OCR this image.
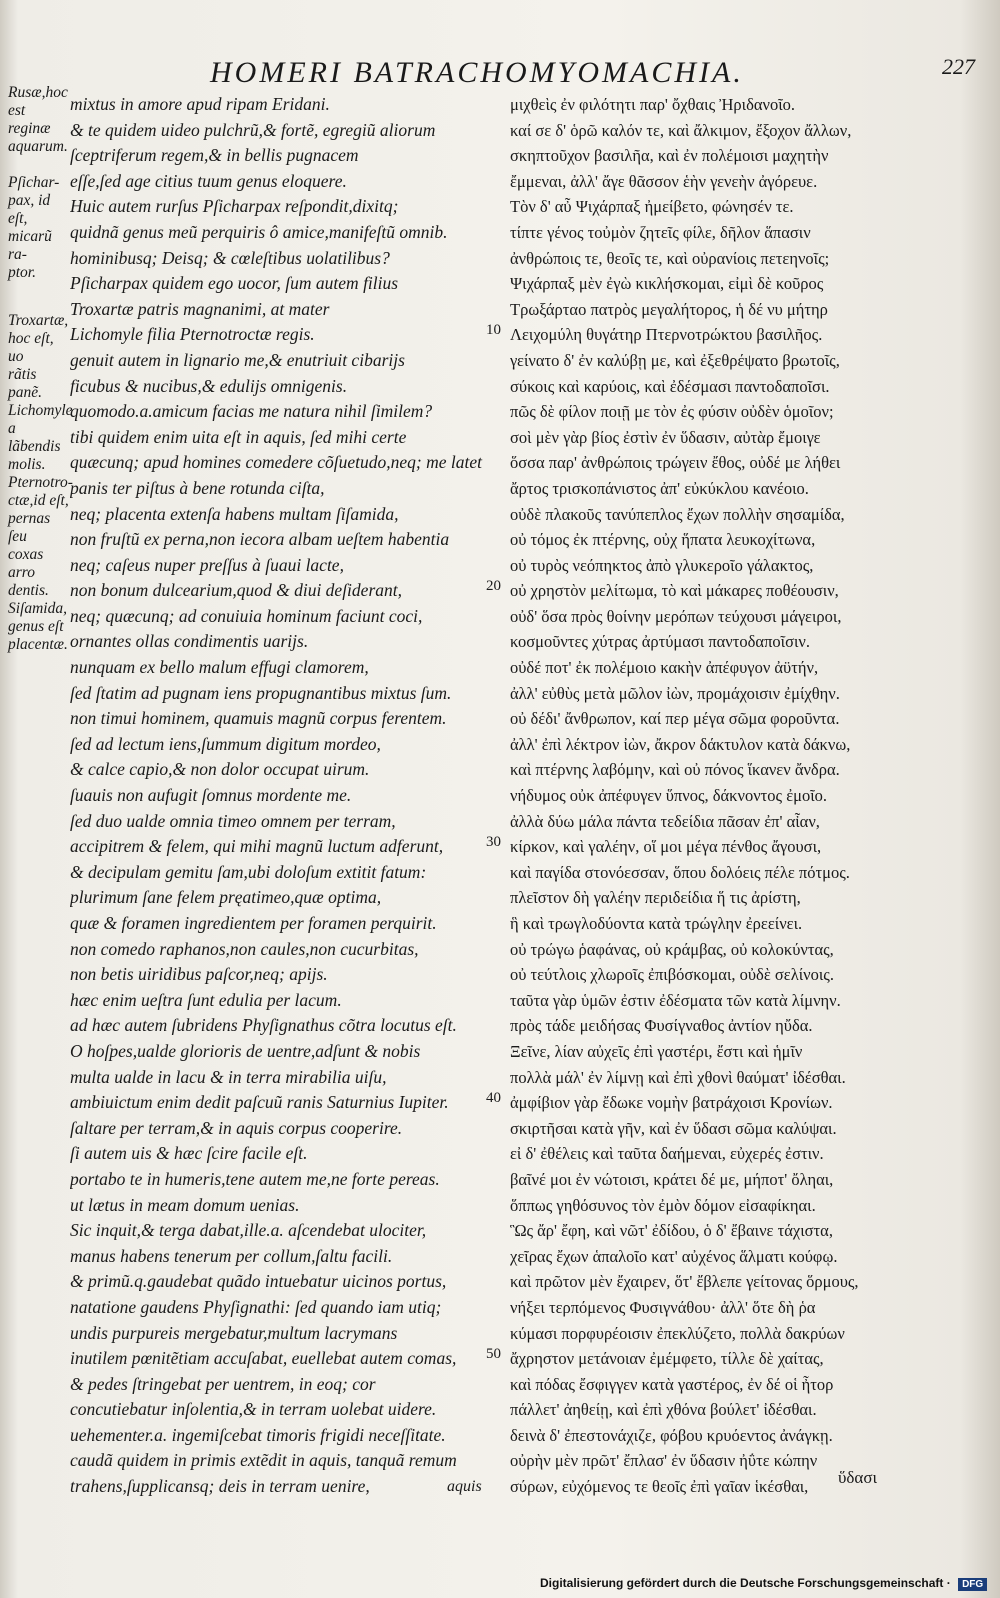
HOMERI BATRACHOMYOMACHIA.	227
Rusæ,hoc
est reginæ
aquarum.
Pſichar-
pax, id eſt,
micarũ ra-
ptor.
Troxartæ,
hoc eſt, uo
rãtis panẽ.
Lichomyle
a lãbendis
molis.
Pternotro-
ctæ,id eſt,
pernas ſeu
coxas arro
dentis.
Siſamida,
genus eſt
placentæ.
mixtus in amore apud ripam Eridani.
& te quidem uideo pulchrũ,& fortẽ, egregiũ aliorum
ſceptriferum regem,& in bellis pugnacem
eſſe,ſed age citius tuum genus eloquere.
Huic autem rurſus Pſicharpax reſpondit,dixitq;
quidnã genus meũ perquiris ô amice,manifeſtũ omnib.
hominibusq; Deisq; & cœleſtibus uolatilibus?
Pſicharpax quidem ego uocor, ſum autem filius
Troxartæ patris magnanimi, at mater
Lichomyle filia Pternotroctæ regis.
genuit autem in lignario me,& enutriuit cibarijs
ficubus & nucibus,& edulijs omnigenis.
quomodo.a.amicum facias me natura nihil ſimilem?
tibi quidem enim uita eſt in aquis, ſed mihi certe
quæcunq; apud homines comedere cõſuetudo,neq; me latet
panis ter piſtus à bene rotunda ciſta,
neq; placenta extenſa habens multam ſiſamida,
non fruſtũ ex perna,non iecora albam ueſtem habentia
neq; caſeus nuper preſſus à ſuaui lacte,
non bonum dulcearium,quod & diui deſiderant,
neq; quæcunq; ad conuiuia hominum faciunt coci,
ornantes ollas condimentis uarijs.
nunquam ex bello malum effugi clamorem,
ſed ſtatim ad pugnam iens propugnantibus mixtus ſum.
non timui hominem, quamuis magnũ corpus ferentem.
ſed ad lectum iens,ſummum digitum mordeo,
& calce capio,& non dolor occupat uirum.
ſuauis non aufugit ſomnus mordente me.
ſed duo ualde omnia timeo omnem per terram,
accipitrem & felem, qui mihi magnũ luctum adferunt,
& decipulam gemitu ſam,ubi doloſum extitit fatum:
plurimum ſane felem pręatimeo,quæ optima,
quæ & foramen ingredientem per foramen perquirit.
non comedo raphanos,non caules,non cucurbitas,
non betis uiridibus paſcor,neq; apijs.
hæc enim ueſtra ſunt edulia per lacum.
ad hæc autem ſubridens Phyſignathus cõtra locutus eſt.
O hoſpes,ualde glorioris de uentre,adſunt & nobis
multa ualde in lacu & in terra mirabilia uiſu,
ambiuictum enim dedit paſcuũ ranis Saturnius Iupiter.
ſaltare per terram,& in aquis corpus cooperire.
ſi autem uis & hæc ſcire facile eſt.
portabo te in humeris,tene autem me,ne forte pereas.
ut lætus in meam domum uenias.
Sic inquit,& terga dabat,ille.a. aſcendebat ulociter,
manus habens tenerum per collum,ſaltu facili.
& primũ.q.gaudebat quãdo intuebatur uicinos portus,
natatione gaudens Phyſignathi: ſed quando iam utiq;
undis purpureis mergebatur,multum lacrymans
inutilem pœnitẽtiam accuſabat, euellebat autem comas,
& pedes ſtringebat per uentrem, in eoq; cor
concutiebatur inſolentia,& in terram uolebat uidere.
uehementer.a. ingemiſcebat timoris frigidi neceſſitate.
caudã quidem in primis extẽdit in aquis, tanquã remum
trahens,ſupplicansq; deis in terram uenire,
μιχθεὶς ἐν φιλότητι παρ' ὄχθαις Ἠριδανοῖο.
καί σε δ' ὁρῶ καλόν τε, καὶ ἄλκιμον, ἔξοχον ἄλλων,
σκηπτοῦχον βασιλῆα, καὶ ἐν πολέμοισι μαχητὴν
ἔμμεναι, ἀλλ' ἄγε θᾶσσον ἑὴν γενεὴν ἀγόρευε.
Τὸν δ' αὖ Ψιχάρπαξ ἠμείβετο, φώνησέν τε.
τίπτε γένος τοὐμὸν ζητεῖς φίλε, δῆλον ἅπασιν
ἀνθρώποις τε, θεοῖς τε, καὶ οὐρανίοις πετεηνοῖς;
Ψιχάρπαξ μὲν ἐγὼ κικλήσκομαι, εἰμὶ δὲ κοῦρος
Τρωξάρταο πατρὸς μεγαλήτορος, ἡ δέ νυ μήτηρ
Λειχομύλη θυγάτηρ Πτερνοτρώκτου βασιλῆος.
γείνατο δ' ἐν καλύβῃ με, καὶ ἐξεθρέψατο βρωτοῖς,
σύκοις καὶ καρύοις, καὶ ἐδέσμασι παντοδαποῖσι.
πῶς δὲ φίλον ποιῇ με τὸν ἐς φύσιν οὐδὲν ὁμοῖον;
σοὶ μὲν γὰρ βίος ἐστὶν ἐν ὕδασιν, αὐτὰρ ἔμοιγε
ὅσσα παρ' ἀνθρώποις τρώγειν ἔθος, οὐδέ με λήθει
ἄρτος τρισκοπάνιστος ἀπ' εὐκύκλου κανέοιο.
οὐδὲ πλακοῦς τανύπεπλος ἔχων πολλὴν σησαμίδα,
οὐ τόμος ἐκ πτέρνης, οὐχ ἥπατα λευκοχίτωνα,
οὐ τυρὸς νεόπηκτος ἀπὸ γλυκεροῖο γάλακτος,
οὐ χρηστὸν μελίτωμα, τὸ καὶ μάκαρες ποθέουσιν,
οὐδ' ὅσα πρὸς θοίνην μερόπων τεύχουσι μάγειροι,
κοσμοῦντες χύτρας ἀρτύμασι παντοδαποῖσιν.
οὐδέ ποτ' ἐκ πολέμοιο κακὴν ἀπέφυγον ἀϋτήν,
ἀλλ' εὐθὺς μετὰ μῶλον ἰὼν, προμάχοισιν ἐμίχθην.
οὐ δέδι' ἄνθρωπον, καί περ μέγα σῶμα φοροῦντα.
ἀλλ' ἐπὶ λέκτρον ἰὼν, ἄκρον δάκτυλον κατὰ δάκνω,
καὶ πτέρνης λαβόμην, καὶ οὐ πόνος ἵκανεν ἄνδρα.
νήδυμος οὐκ ἀπέφυγεν ὕπνος, δάκνοντος ἐμοῖο.
ἀλλὰ δύω μάλα πάντα τεδείδια πᾶσαν ἐπ' αἶαν,
κίρκον, καὶ γαλέην, οἵ μοι μέγα πένθος ἄγουσι,
καὶ παγίδα στονόεσσαν, ὅπου δολόεις πέλε πότμος.
πλεῖστον δὴ γαλέην περιδείδια ἥ τις ἀρίστη,
ἣ καὶ τρωγλοδύοντα κατὰ τρώγλην ἐρεείνει.
οὐ τρώγω ῥαφάνας, οὐ κράμβας, οὐ κολοκύντας,
οὐ τεύτλοις χλωροῖς ἐπιβόσκομαι, οὐδὲ σελίνοις.
ταῦτα γὰρ ὑμῶν ἐστιν ἐδέσματα τῶν κατὰ λίμνην.
πρὸς τάδε μειδήσας Φυσίγναθος ἀντίον ηὔδα.
Ξεῖνε, λίαν αὐχεῖς ἐπὶ γαστέρι, ἔστι καὶ ἡμῖν
πολλὰ μάλ' ἐν λίμνῃ καὶ ἐπὶ χθονὶ θαύματ' ἰδέσθαι.
ἀμφίβιον γὰρ ἔδωκε νομὴν βατράχοισι Κρονίων.
σκιρτῆσαι κατὰ γῆν, καὶ ἐν ὕδασι σῶμα καλύψαι.
εἰ δ' ἐθέλεις καὶ ταῦτα δαήμεναι, εὐχερές ἐστιν.
βαῖνέ μοι ἐν νώτοισι, κράτει δέ με, μήποτ' ὄληαι,
ὅππως γηθόσυνος τὸν ἐμὸν δόμον εἰσαφίκηαι.
Ὣς ἄρ' ἔφη, καὶ νῶτ' ἐδίδου, ὁ δ' ἔβαινε τάχιστα,
χεῖρας ἔχων ἁπαλοῖο κατ' αὐχένος ἅλματι κούφῳ.
καὶ πρῶτον μὲν ἔχαιρεν, ὅτ' ἔβλεπε γείτονας ὅρμους,
νήξει τερπόμενος Φυσιγνάθου· ἀλλ' ὅτε δὴ ῥα
κύμασι πορφυρέοισιν ἐπεκλύζετο, πολλὰ δακρύων
ἄχρηστον μετάνοιαν ἐμέμφετο, τίλλε δὲ χαίτας,
καὶ πόδας ἔσφιγγεν κατὰ γαστέρος, ἐν δέ οἱ ἦτορ
πάλλετ' ἀηθείῃ, καὶ ἐπὶ χθόνα βούλετ' ἰδέσθαι.
δεινὰ δ' ἐπεστονάχιζε, φόβου κρυόεντος ἀνάγκῃ.
οὐρὴν μὲν πρῶτ' ἔπλασ' ἐν ὕδασιν ἠΰτε κώπην
σύρων, εὐχόμενος τε θεοῖς ἐπὶ γαῖαν ἱκέσθαι,
10
20
30
40
50
aquis	ὕδασι
Digitalisierung gefördert durch die Deutsche Forschungsgemeinschaft · DFG
